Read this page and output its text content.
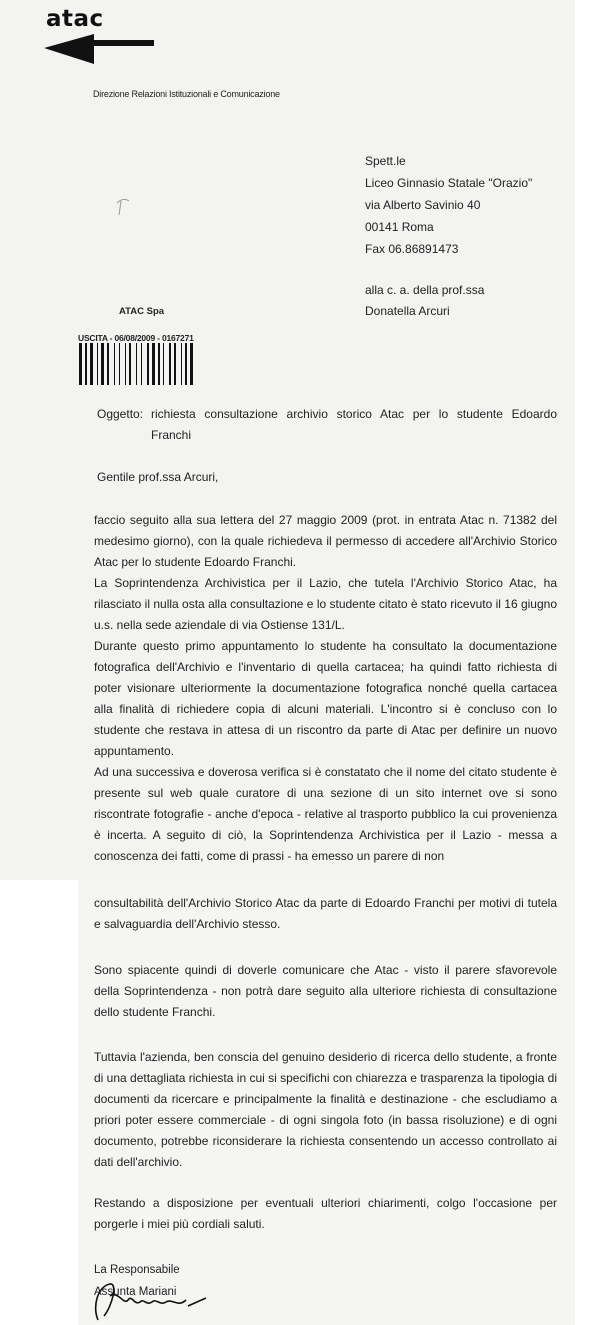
atac
Direzione Relazioni Istituzionali e Comunicazione
Spett.le
Liceo Ginnasio Statale "Orazio"
via Alberto Savinio 40
00141 Roma
Fax 06.86891473
alla c. a. della prof.ssa
Donatella Arcuri
ATAC Spa
USCITA - 06/08/2009 - 0167271
Oggetto: richiesta consultazione archivio storico Atac per lo studente Edoardo Franchi
Gentile prof.ssa Arcuri,

faccio seguito alla sua lettera del 27 maggio 2009 (prot. in entrata Atac n. 71382 del medesimo giorno), con la quale richiedeva il permesso di accedere all'Archivio Storico Atac per lo studente Edoardo Franchi.

La Soprintendenza Archivistica per il Lazio, che tutela l'Archivio Storico Atac, ha rilasciato il nulla osta alla consultazione e lo studente citato è stato ricevuto il 16 giugno u.s. nella sede aziendale di via Ostiense 131/L.

Durante questo primo appuntamento lo studente ha consultato la documentazione fotografica dell'Archivio e l'inventario di quella cartacea; ha quindi fatto richiesta di poter visionare ulteriormente la documentazione fotografica nonché quella cartacea alla finalità di richiedere copia di alcuni materiali. L'incontro si è concluso con lo studente che restava in attesa di un riscontro da parte di Atac per definire un nuovo appuntamento.

Ad una successiva e doverosa verifica si è constatato che il nome del citato studente è presente sul web quale curatore di una sezione di un sito internet ove si sono riscontrate fotografie - anche d'epoca - relative al trasporto pubblico la cui provenienza è incerta. A seguito di ciò, la Soprintendenza Archivistica per il Lazio - messa a conoscenza dei fatti, come di prassi - ha emesso un parere di non

consultabilità dell'Archivio Storico Atac da parte di Edoardo Franchi per motivi di tutela e salvaguardia dell'Archivio stesso.
Sono spiacente quindi di doverle comunicare che Atac - visto il parere sfavorevole della Soprintendenza - non potrà dare seguito alla ulteriore richiesta di consultazione dello studente Franchi.
Tuttavia l'azienda, ben conscia del genuino desiderio di ricerca dello studente, a fronte di una dettagliata richiesta in cui si specifichi con chiarezza e trasparenza la tipologia di documenti da ricercare e principalmente la finalità e destinazione - che escludiamo a priori poter essere commerciale - di ogni singola foto (in bassa risoluzione) e di ogni documento, potrebbe riconsiderare la richiesta consentendo un accesso controllato ai dati dell'archivio.
Restando a disposizione per eventuali ulteriori chiarimenti, colgo l'occasione per porgerle i miei più cordiali saluti.
La Responsabile
Assunta Mariani
